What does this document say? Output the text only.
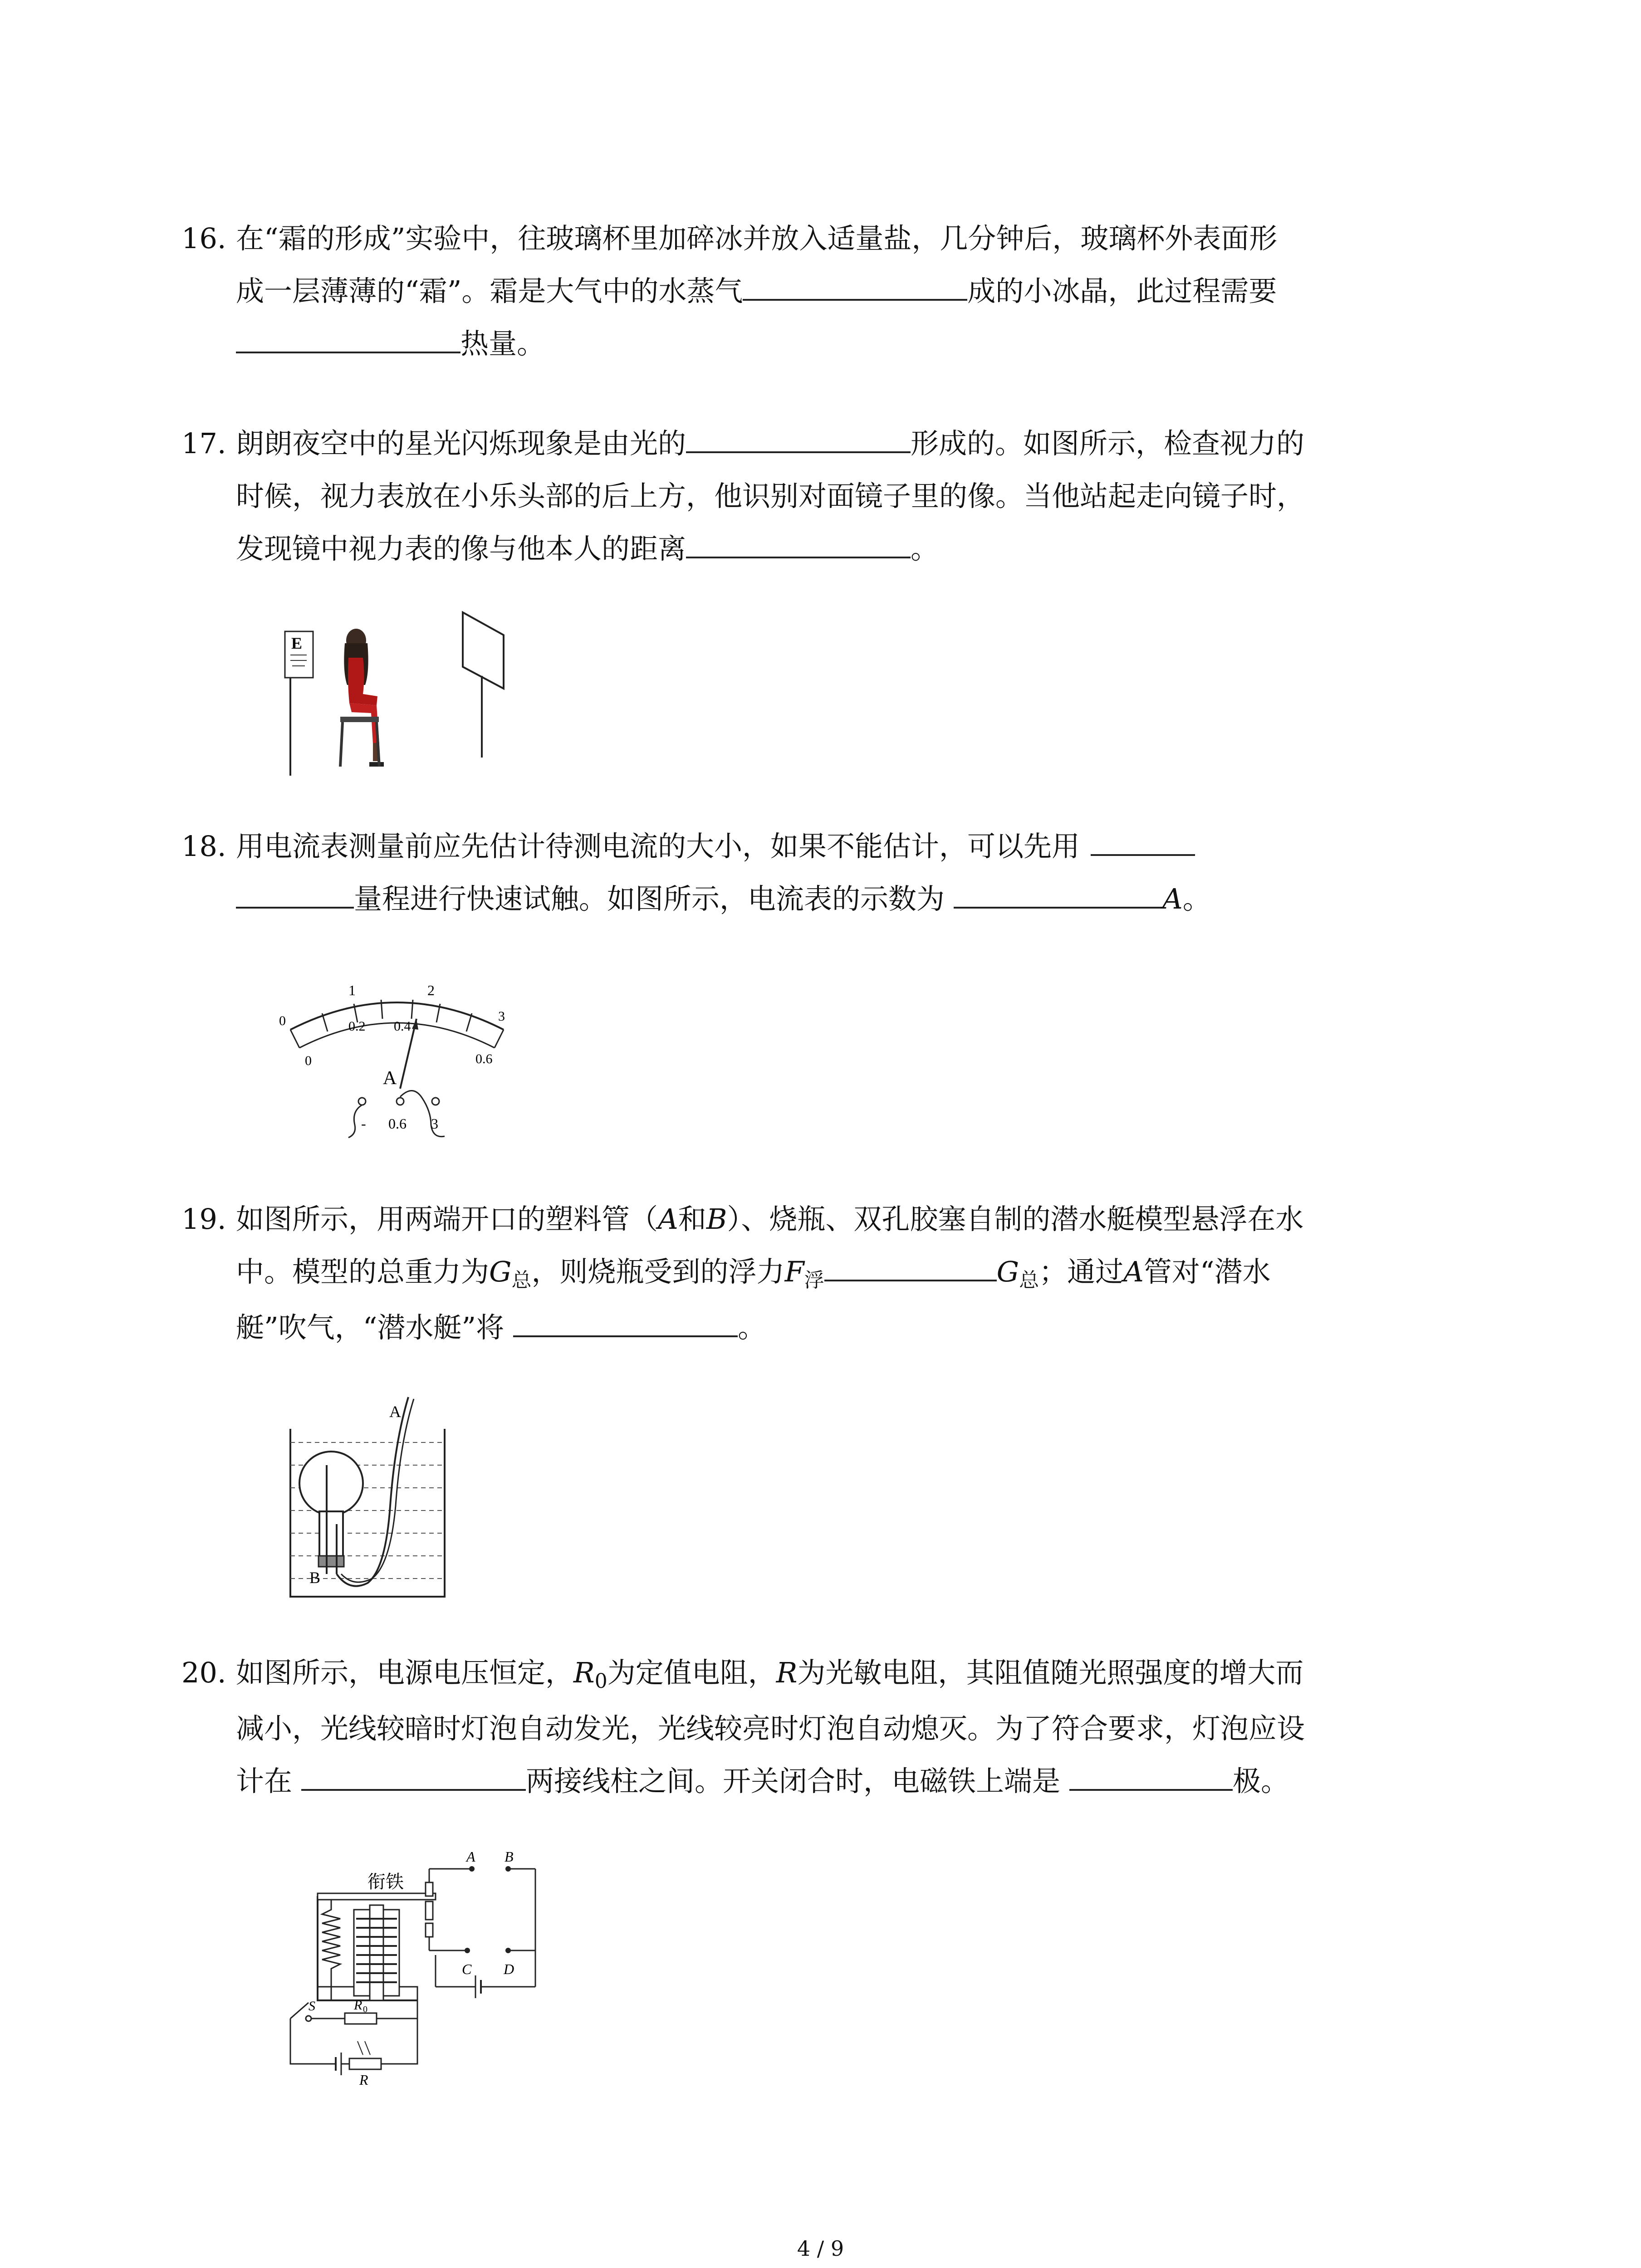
16. 在“霜的形成”实验中，往玻璃杯里加碎冰并放入适量盐，几分钟后，玻璃杯外表面形
成一层薄薄的“霜”。霜是大气中的水蒸气	成的小冰晶，此过程需要
热量。
17. 朗朗夜空中的星光闪烁现象是由光的	形成的。如图所示，检查视力的
时候，视力表放在小乐头部的后上方，他识别对面镜子里的像。当他站起走向镜子时，
发现镜中视力表的像与他本人的距离	。
E
18. 用电流表测量前应先估计待测电流的大小，如果不能估计，可以先用
量程进行快速试触。如图所示，电流表的示数为	A。
0
1	2
3
0
0.2 0.4
0.6
A
- 0.6 3
19. 如图所示，用两端开口的塑料管（A和B）、烧瓶、双孔胶塞自制的潜水艇模型悬浮在水
中。模型的总重力为G总，则烧瓶受到的浮力F浮	G总；通过A管对“潜水
艇”吹气，“潜水艇”将	。
A
B
20. 如图所示，电源电压恒定，R0为定值电阻，R为光敏电阻，其阻值随光照强度的增大而
减小，光线较暗时灯泡自动发光，光线较亮时灯泡自动熄灭。为了符合要求，灯泡应设
计在	两接线柱之间。开关闭合时，电磁铁上端是	极。
衔铁
A B
C D
R
S	R 0
4 / 9
